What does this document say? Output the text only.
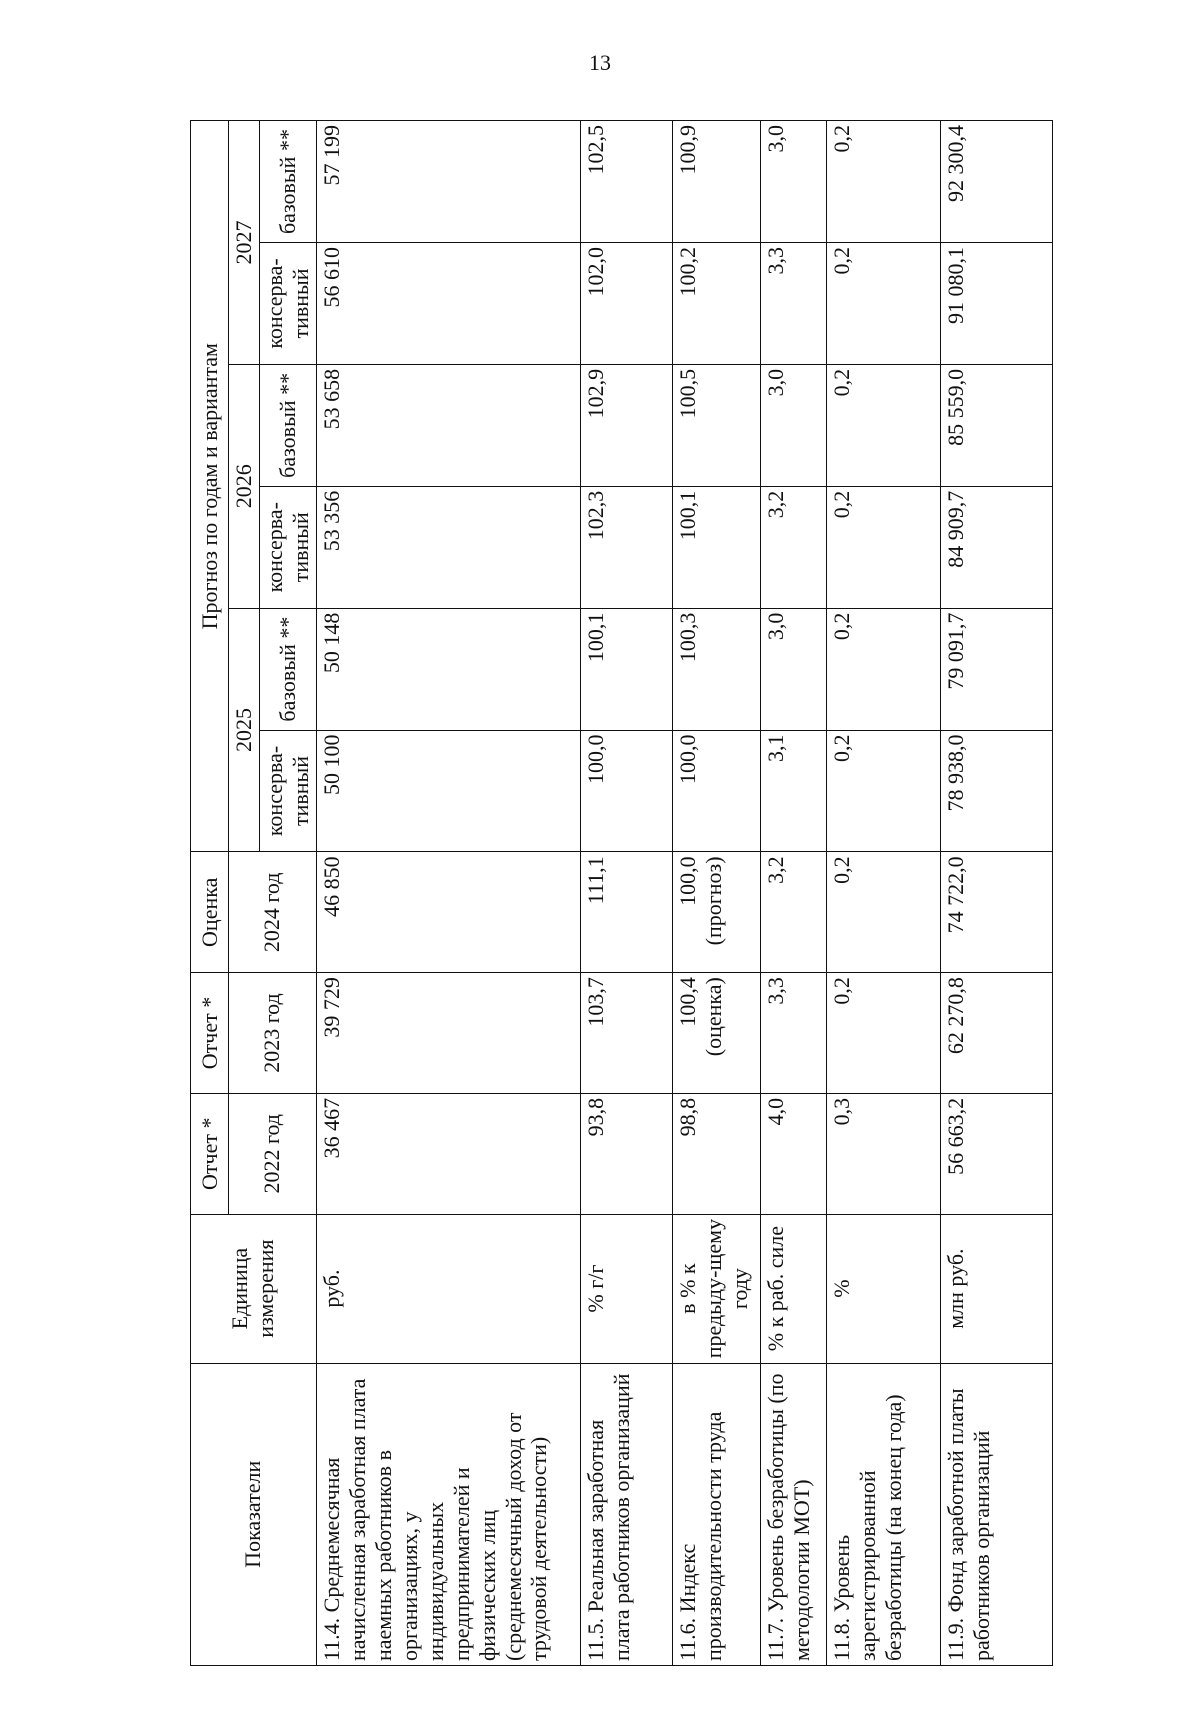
13
Показатели	Единица измерения	Отчет *	Отчет *	Оценка	Прогноз по годам и вариантам					
		2022 год	2023 год	2024 год	2025		2026		2027	
					консерва-тивный	базовый **	консерва-тивный	базовый **	консерва-тивный	базовый **
11.4. Среднемесячная начисленная заработная плата наемных работников в организациях, у индивидуальных предпринимателей и физических лиц (среднемесячный доход от трудовой деятельности)	руб.	36 467	39 729	46 850	50 100	50 148	53 356	53 658	56 610	57 199
11.5. Реальная заработная плата работников организаций	% г/г	93,8	103,7	111,1	100,0	100,1	102,3	102,9	102,0	102,5
11.6. Индекс производительности труда	в % к предыду-щему году	98,8	100,4 (оценка)	100,0 (прогноз)	100,0	100,3	100,1	100,5	100,2	100,9
11.7. Уровень безработицы (по методологии МОТ)	% к раб. силе	4,0	3,3	3,2	3,1	3,0	3,2	3,0	3,3	3,0
11.8. Уровень зарегистрированной безработицы (на конец года)	%	0,3	0,2	0,2	0,2	0,2	0,2	0,2	0,2	0,2
11.9. Фонд заработной платы работников организаций	млн руб.	56 663,2	62 270,8	74 722,0	78 938,0	79 091,7	84 909,7	85 559,0	91 080,1	92 300,4
